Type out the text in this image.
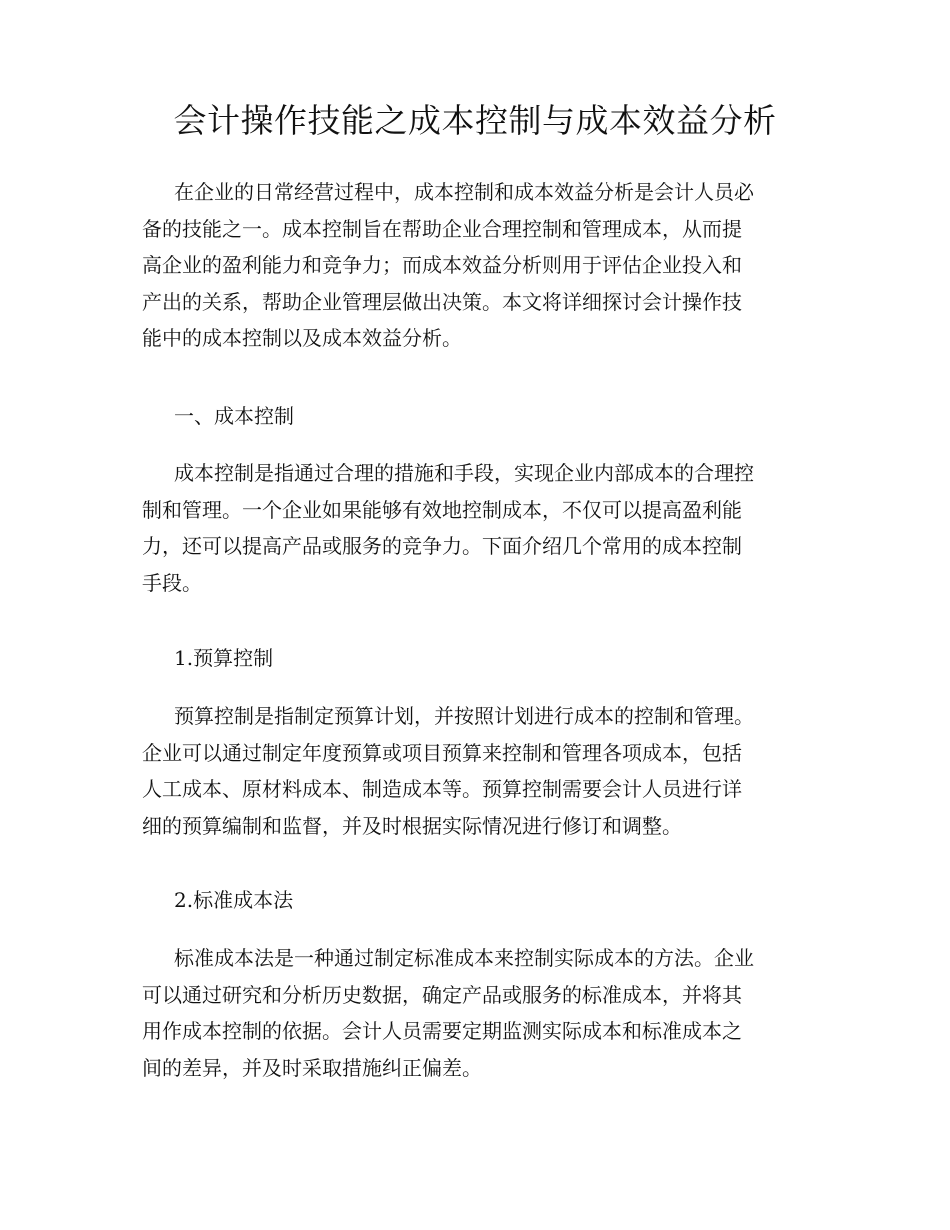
会计操作技能之成本控制与成本效益分析
在企业的日常经营过程中，成本控制和成本效益分析是会计人员必
备的技能之一。成本控制旨在帮助企业合理控制和管理成本，从而提
高企业的盈利能力和竞争力；而成本效益分析则用于评估企业投入和
产出的关系，帮助企业管理层做出决策。本文将详细探讨会计操作技
能中的成本控制以及成本效益分析。
一、成本控制
成本控制是指通过合理的措施和手段，实现企业内部成本的合理控
制和管理。一个企业如果能够有效地控制成本，不仅可以提高盈利能
力，还可以提高产品或服务的竞争力。下面介绍几个常用的成本控制
手段。
1.预算控制
预算控制是指制定预算计划，并按照计划进行成本的控制和管理。
企业可以通过制定年度预算或项目预算来控制和管理各项成本，包括
人工成本、原材料成本、制造成本等。预算控制需要会计人员进行详
细的预算编制和监督，并及时根据实际情况进行修订和调整。
2.标准成本法
标准成本法是一种通过制定标准成本来控制实际成本的方法。企业
可以通过研究和分析历史数据，确定产品或服务的标准成本，并将其
用作成本控制的依据。会计人员需要定期监测实际成本和标准成本之
间的差异，并及时采取措施纠正偏差。
